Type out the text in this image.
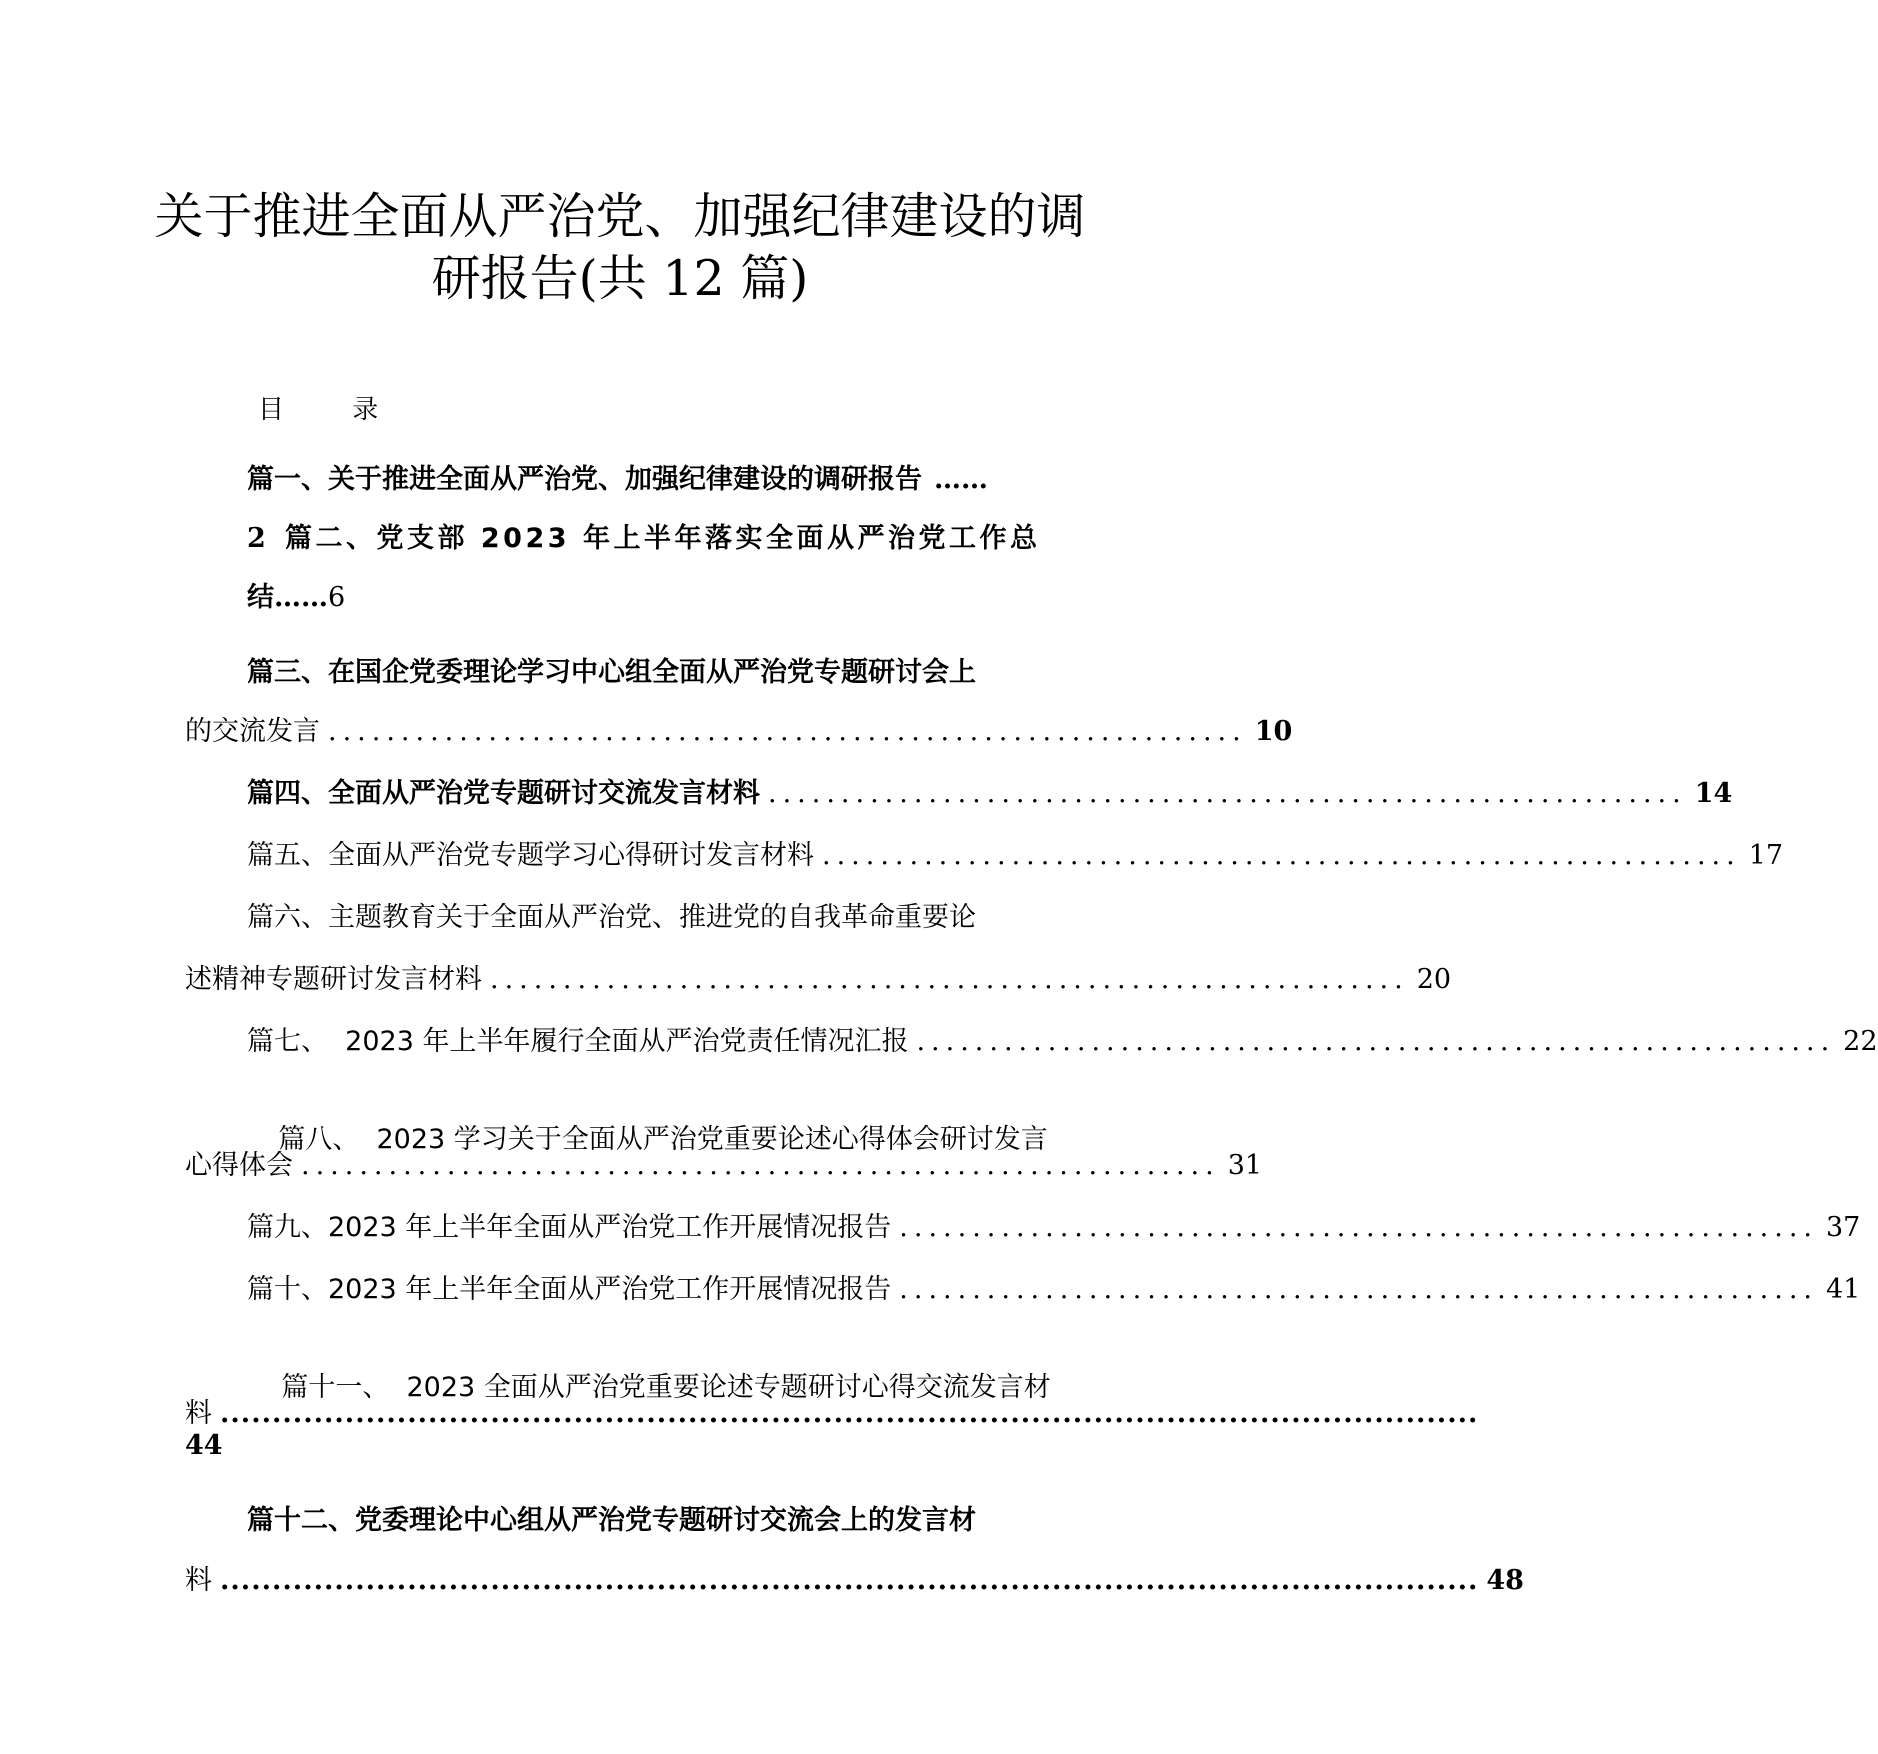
关于推进全面从严治党、加强纪律建设的调
研报告(共 12 篇)
目 录
篇一、关于推进全面从严治党、加强纪律建设的调研报告 ……
2 篇二、党支部 2023 年上半年落实全面从严治党工作总
结……6
篇三、在国企党委理论学习中心组全面从严治党专题研讨会上
的交流发言 ............................................................... 10
篇四、全面从严治党专题研讨交流发言材料 ............................................................... 14
篇五、全面从严治党专题学习心得研讨发言材料 ............................................................... 17
篇六、主题教育关于全面从严治党、推进党的自我革命重要论
述精神专题研讨发言材料 ............................................................... 20
篇七、  2023 年上半年履行全面从严治党责任情况汇报 ............................................................... 22

篇八、  2023 学习关于全面从严治党重要论述心得体会研讨发言

心得体会 ............................................................... 31
篇九、2023 年上半年全面从严治党工作开展情况报告 ............................................................... 37
篇十、2023 年上半年全面从严治党工作开展情况报告 ............................................................... 41

篇十一、  2023 全面从严治党重要论述专题研讨心得交流发言材

料 .........................................................................................................................
44
篇十二、党委理论中心组从严治党专题研讨交流会上的发言材
料 ......................................................................................................................... 48
